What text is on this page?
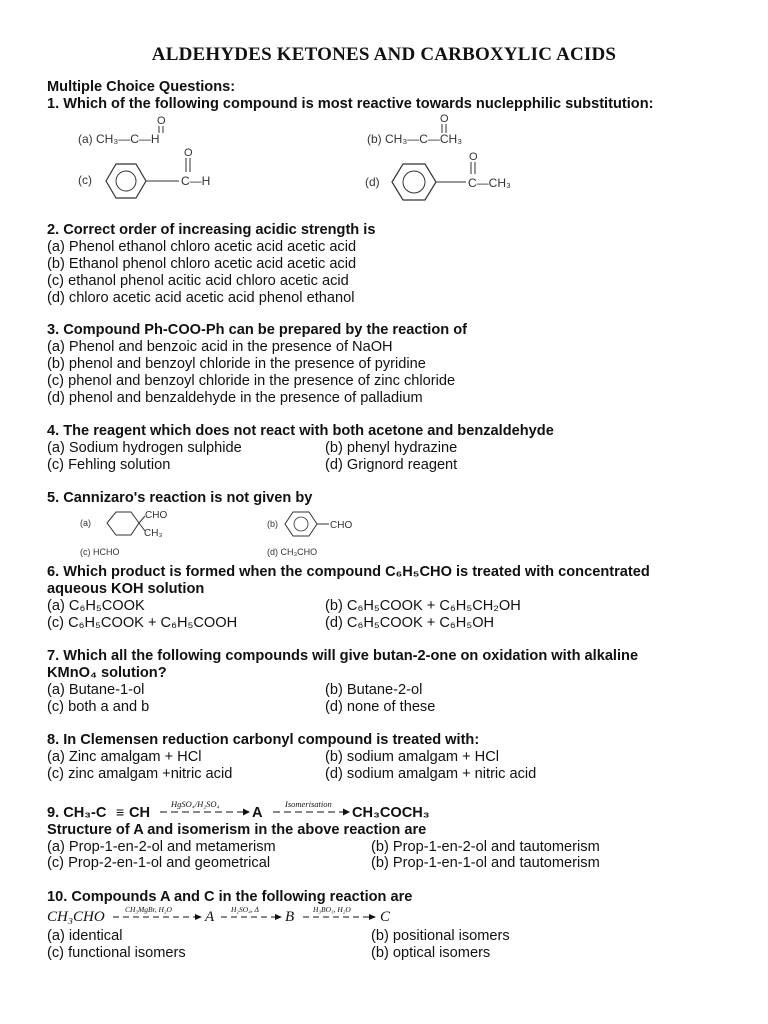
ALDEHYDES KETONES AND CARBOXYLIC ACIDS
Multiple Choice Questions:
1. Which of the following compound is most reactive towards nuclepphilic substitution:
(a) CH₃—C—H
O
(b) CH₃—C—CH₃
O
(c)
O
C—H	(d)
O
C—CH₃
2. Correct order of increasing acidic strength is
(a) Phenol ethanol chloro acetic acid acetic acid
(b) Ethanol phenol chloro acetic acid acetic acid
(c) ethanol phenol acitic acid chloro acetic acid
(d) chloro acetic acid acetic acid phenol ethanol
3. Compound Ph-COO-Ph can be prepared by the reaction of
(a) Phenol and benzoic acid in the presence of NaOH
(b) phenol and benzoyl chloride in the presence of pyridine
(c) phenol and benzoyl chloride in the presence of zinc chloride
(d) phenol and benzaldehyde in the presence of palladium
4. The reagent which does not react with both acetone and benzaldehyde
(a) Sodium hydrogen sulphide	(b) phenyl hydrazine
(c) Fehling solution	(d) Grignord reagent
5. Cannizaro's reaction is not given by
(a)
CHO
CH₃
(b)	CHO
(c) HCHO	(d) CH₃CHO
6. Which product is formed when the compound C₆H₅CHO is treated with concentrated
aqueous KOH solution
(a) C₆H₅COOK	(b) C₆H₅COOK + C₆H₅CH₂OH
(c) C₆H₅COOK + C₆H₅COOH	(d) C₆H₅COOK + C₆H₅OH
7. Which all the following compounds will give butan-2-one on oxidation with alkaline
KMnO₄ solution?
(a) Butane-1-ol	(b) Butane-2-ol
(c) both a and b	(d) none of these
8. In Clemensen reduction carbonyl compound is treated with:
(a) Zinc amalgam + HCl	(b) sodium amalgam + HCl
(c) zinc amalgam +nitric acid	(d) sodium amalgam + nitric acid
9. CH₃-C ≡ CH
HgSO₄/H₂SO₄
A
Isomerisation
CH₃COCH₃
Structure of A and isomerism in the above reaction are
(a) Prop-1-en-2-ol and metamerism	(b) Prop-1-en-2-ol and tautomerism
(c) Prop-2-en-1-ol and geometrical	(b) Prop-1-en-1-ol and tautomerism
10. Compounds A and C in the following reaction are
CH₃CHO	CH₃MgBr, H₂O A H₂SO₄, Δ B	H₃BO₃, H₂O C
(a) identical	(b) positional isomers
(c) functional isomers	(b) optical isomers
